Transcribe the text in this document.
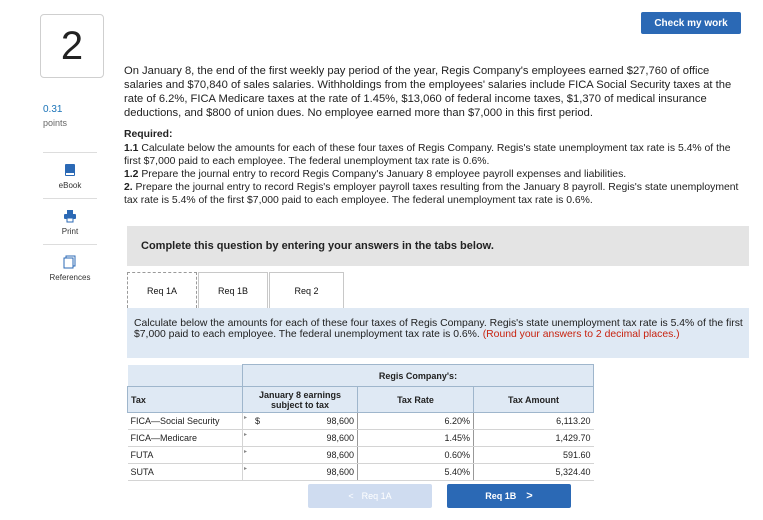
2
0.31
points
eBook
Print
References
Check my work
On January 8, the end of the first weekly pay period of the year, Regis Company's employees earned $27,760 of office salaries and $70,840 of sales salaries. Withholdings from the employees' salaries include FICA Social Security taxes at the rate of 6.2%, FICA Medicare taxes at the rate of 1.45%, $13,060 of federal income taxes, $1,370 of medical insurance deductions, and $800 of union dues. No employee earned more than $7,000 in this first period.
Required:
1.1 Calculate below the amounts for each of these four taxes of Regis Company. Regis's state unemployment tax rate is 5.4% of the first $7,000 paid to each employee. The federal unemployment tax rate is 0.6%.
1.2 Prepare the journal entry to record Regis Company's January 8 employee payroll expenses and liabilities.
2. Prepare the journal entry to record Regis's employer payroll taxes resulting from the January 8 payroll. Regis's state unemployment tax rate is 5.4% of the first $7,000 paid to each employee. The federal unemployment tax rate is 0.6%.
Complete this question by entering your answers in the tabs below.
Req 1A	Req 1B	Req 2
Calculate below the amounts for each of these four taxes of Regis Company. Regis's state unemployment tax rate is 5.4% of the first $7,000 paid to each employee. The federal unemployment tax rate is 0.6%. (Round your answers to 2 decimal places.)
	Regis Company's:		
Tax	January 8 earnings subject to tax	Tax Rate	Tax Amount
FICA—Social Security	▸ $ 98,600	6.20%	6,113.20
FICA—Medicare	▸ 98,600	1.45%	1,429.70
FUTA	▸ 98,600	0.60%	591.60
SUTA	▸ 98,600	5.40%	5,324.40
< Req 1A	Req 1B >
